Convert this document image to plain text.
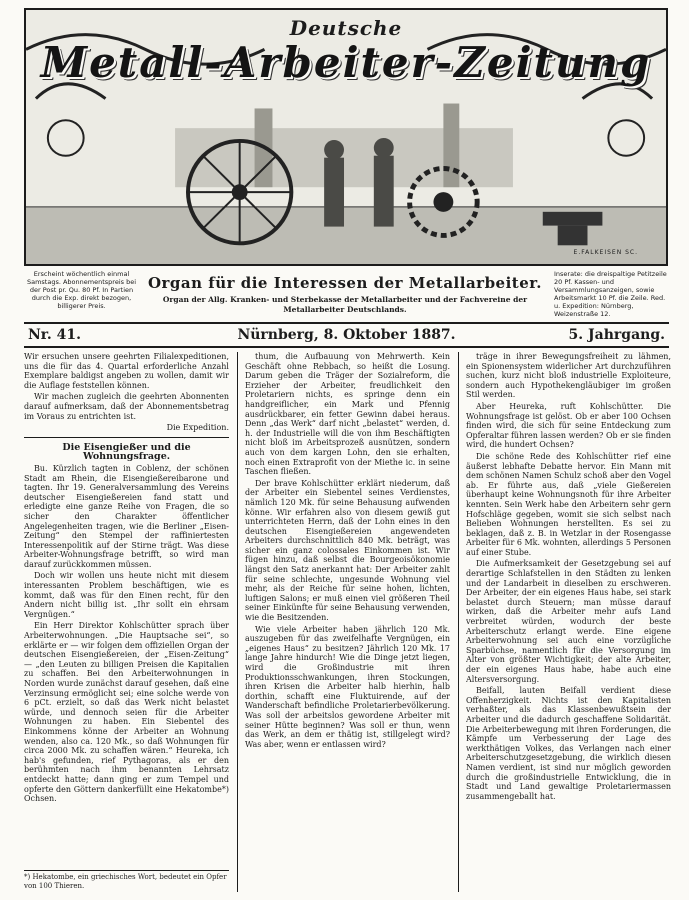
Deutsche
Metall-Arbeiter-Zeitung
E.FALKEISEN SC.
Erscheint wöchentlich einmal Samstags. Abonnementspreis bei der Post pr. Qu. 80 Pf. In Partien durch die Exp. direkt bezogen, billigerer Preis.
Organ für die Interessen der Metallarbeiter.
Organ der Allg. Kranken- und Sterbekasse der Metallarbeiter und der Fachvereine der Metallarbeiter Deutschlands.
Inserate: die dreispaltige Petitzeile 20 Pf. Kassen- und Versammlungsanzeigen, sowie Arbeitsmarkt 10 Pf. die Zeile. Red. u. Expedition: Nürnberg, Weizenstraße 12.
Nr. 41.	Nürnberg, 8. Oktober 1887.	5. Jahrgang.

Wir ersuchen unsere geehrten Filialexpeditionen, uns die für das 4. Quartal erforderliche Anzahl Exemplare baldigst angeben zu wollen, damit wir die Auflage feststellen können.

Wir machen zugleich die geehrten Abonnenten darauf aufmerksam, daß der Abonnementsbetrag im Voraus zu entrichten ist.

Die Expedition.

Die Eisengießer und die Wohnungsfrage.

Bu. Kürzlich tagten in Coblenz, der schönen Stadt am Rhein, die Eisengießereibarone und tagten. Ihr 19. Generalversammlung des Vereins deutscher Eisengießereien fand statt und erledigte eine ganze Reihe von Fragen, die so sicher den Charakter öffentlicher Angelegenheiten tragen, wie die Berliner „Eisen-Zeitung“ den Stempel der raffiniertesten Interessenpolitik auf der Stirne trägt. Was diese Arbeiter-Wohnungsfrage betrifft, so wird man darauf zurückkommen müssen.

Doch wir wollen uns heute nicht mit diesem interessanten Problem beschäftigen, wie es kommt, daß was für den Einen recht, für den Andern nicht billig ist. „Ihr sollt ein ehrsam Vergnügen.“

Ein Herr Direktor Kohlschütter sprach über Arbeiterwohnungen. „Die Hauptsache sei“, so erklärte er — wir folgen dem offiziellen Organ der deutschen Eisengießereien, der „Eisen-Zeitung“ — „den Leuten zu billigen Preisen die Kapitalien zu schaffen. Bei den Arbeiterwohnungen in Norden wurde zunächst darauf gesehen, daß eine Verzinsung ermöglicht sei; eine solche werde von 6 pCt. erzielt, so daß das Werk nicht belastet würde, und dennoch seien für die Arbeiter Wohnungen zu haben. Ein Siebentel des Einkommens könne der Arbeiter an Wohnung wenden, also ca. 120 Mk., so daß Wohnungen für circa 2000 Mk. zu schaffen wären.“ Heureka, ich hab's gefunden, rief Pythagoras, als er den berühmten nach ihm benannten Lehrsatz entdeckt hatte; dann ging er zum Tempel und opferte den Göttern dankerfüllt eine Hekatombe*) Ochsen.

thum, die Aufbauung von Mehrwerth. Kein Geschäft ohne Rebbach, so heißt die Losung. Darum geben die Träger der Sozialreform, die Erzieher der Arbeiter, freudlichkeit den Proletariern nichts, es springe denn ein handgreiflicher, ein Mark und Pfennig ausdrückbarer, ein fetter Gewinn dabei heraus. Denn „das Werk“ darf nicht „belastet“ werden, d. h. der Industrielle will die von ihm Beschäftigten nicht bloß im Arbeitsprozeß ausnützen, sondern auch von dem kargen Lohn, den sie erhalten, noch einen Extraprofit von der Miethe ic. in seine Taschen fließen.

Der brave Kohlschütter erklärt niederum, daß der Arbeiter ein Siebentel seines Verdienstes, nämlich 120 Mk. für seine Behausung aufwenden könne. Wir erfahren also von diesem gewiß gut unterrichteten Herrn, daß der Lohn eines in den deutschen Eisengießereien angewendeten Arbeiters durchschnittlich 840 Mk. beträgt, was sicher ein ganz colossales Einkommen ist. Wir fügen hinzu, daß selbst die Bourgeoisökonomie längst den Satz anerkannt hat: Der Arbeiter zahlt für seine schlechte, ungesunde Wohnung viel mehr, als der Reiche für seine hohen, lichten, luftigen Salons; er muß einen viel größeren Theil seiner Einkünfte für seine Behausung verwenden, wie die Besitzenden.

Wie viele Arbeiter haben jährlich 120 Mk. auszugeben für das zweifelhafte Vergnügen, ein „eigenes Haus“ zu besitzen? Jährlich 120 Mk. 17 lange Jahre hindurch! Wie die Dinge jetzt liegen, wird die Großindustrie mit ihren Produktionsschwankungen, ihren Stockungen, ihren Krisen die Arbeiter halb hierhin, halb dorthin, schafft eine Fluktuirende, auf der Wanderschaft befindliche Proletarierbevölkerung. Was soll der arbeitslos gewordene Arbeiter mit seiner Hütte beginnen? Was soll er thun, wenn das Werk, an dem er thätig ist, stillgelegt wird? Was aber, wenn er entlassen wird?

träge in ihrer Bewegungsfreiheit zu lähmen, ein Spionensystem widerlicher Art durchzuführen suchen, kurz nicht bloß industrielle Exploiteure, sondern auch Hypothekengläubiger im großen Stil werden.

Aber Heureka, ruft Kohlschütter. Die Wohnungsfrage ist gelöst. Ob er aber 100 Ochsen finden wird, die sich für seine Entdeckung zum Opferaltar führen lassen werden? Ob er sie finden wird, die hundert Ochsen?

Die schöne Rede des Kohlschütter rief eine äußerst lebhafte Debatte hervor. Ein Mann mit dem schönen Namen Schulz schoß aber den Vogel ab. Er führte aus, daß „viele Gießereien überhaupt keine Wohnungsnoth für ihre Arbeiter kennten. Sein Werk habe den Arbeitern sehr gern Hofschläge gegeben, womit sie sich selbst nach Belieben Wohnungen herstellten. Es sei zu beklagen, daß z. B. in Wetzlar in der Rosengasse Arbeiter für 6 Mk. wohnten, allerdings 5 Personen auf einer Stube.

Die Aufmerksamkeit der Gesetzgebung sei auf derartige Schlafstellen in den Städten zu lenken und der Landarbeit in dieselben zu erschweren. Der Arbeiter, der ein eigenes Haus habe, sei stark belastet durch Steuern; man müsse darauf wirken, daß die Arbeiter mehr aufs Land verbreitet würden, wodurch der beste Arbeiterschutz erlangt werde. Eine eigene Arbeiterwohnung sei auch eine vorzügliche Sparbüchse, namentlich für die Versorgung im Alter von größter Wichtigkeit; der alte Arbeiter, der ein eigenes Haus habe, habe auch eine Altersversorgung.

Beifall, lauten Beifall verdient diese Offenherzigkeit. Nichts ist den Kapitalisten verhaßter, als das Klassenbewußtsein der Arbeiter und die dadurch geschaffene Solidarität. Die Arbeiterbewegung mit ihren Forderungen, die Kämpfe um Verbesserung der Lage des werkthätigen Volkes, das Verlangen nach einer Arbeiterschutzgesetzgebung, die wirklich diesen Namen verdient, ist sind nur möglich geworden durch die großindustrielle Entwicklung, die in Stadt und Land gewaltige Proletariermassen zusammengeballt hat.

*) Hekatombe, ein griechisches Wort, bedeutet ein Opfer von 100 Thieren.
